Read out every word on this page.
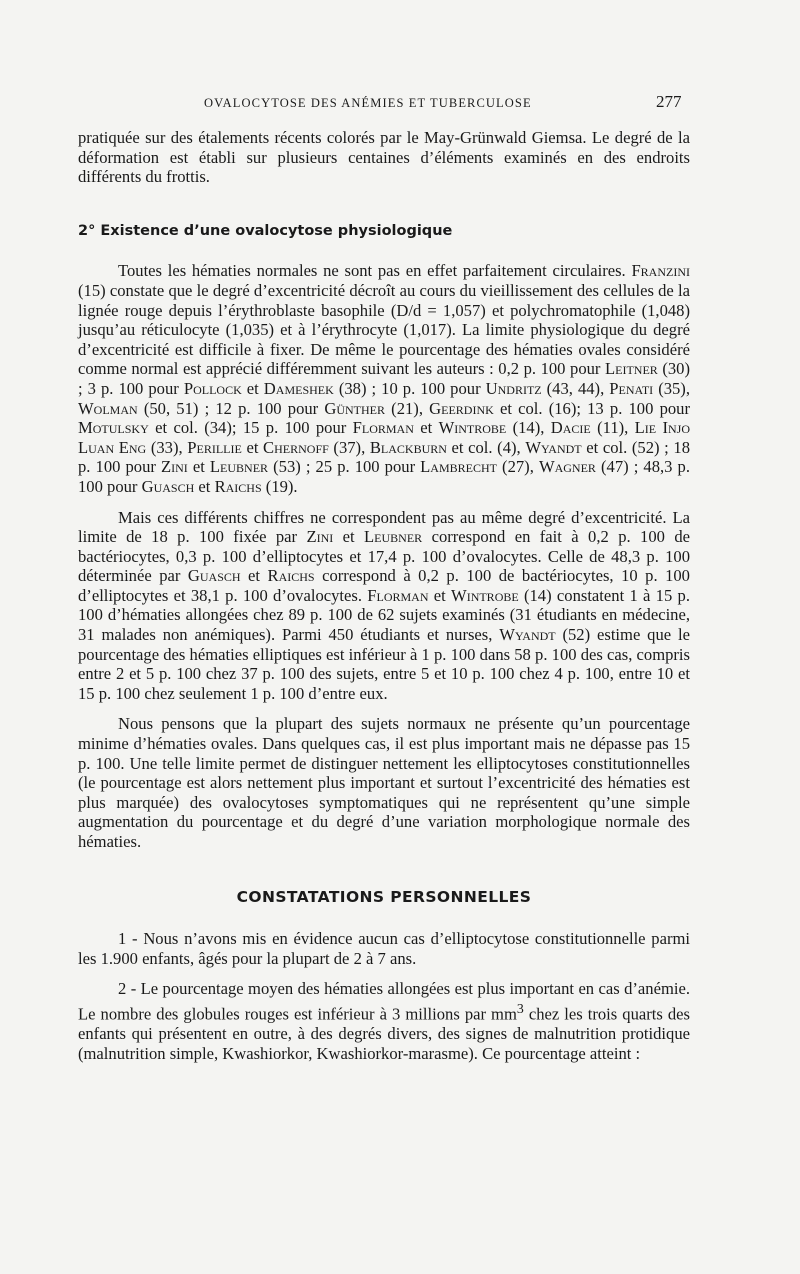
OVALOCYTOSE DES ANÉMIES ET TUBERCULOSE	277

pratiquée sur des étalements récents colorés par le May-Grünwald Giemsa. Le degré de la déformation est établi sur plusieurs centaines d’éléments examinés en des endroits différents du frottis.

2° Existence d’une ovalocytose physiologique

Toutes les hématies normales ne sont pas en effet parfaitement circulaires. Franzini (15) constate que le degré d’excentricité décroît au cours du vieillissement des cellules de la lignée rouge depuis l’érythroblaste basophile (D/d = 1,057) et polychromatophile (1,048) jusqu’au réticulocyte (1,035) et à l’érythrocyte (1,017). La limite physiologique du degré d’excentricité est difficile à fixer. De même le pourcentage des hématies ovales considéré comme normal est apprécié différemment suivant les auteurs : 0,2 p. 100 pour Leitner (30) ; 3 p. 100 pour Pollock et Dameshek (38) ; 10 p. 100 pour Undritz (43, 44), Penati (35), Wolman (50, 51) ; 12 p. 100 pour Günther (21), Geerdink et col. (16); 13 p. 100 pour Motulsky et col. (34); 15 p. 100 pour Florman et Wintrobe (14), Dacie (11), Lie Injo Luan Eng (33), Perillie et Chernoff (37), Blackburn et col. (4), Wyandt et col. (52) ; 18 p. 100 pour Zini et Leubner (53) ; 25 p. 100 pour Lambrecht (27), Wagner (47) ; 48,3 p. 100 pour Guasch et Raichs (19).

Mais ces différents chiffres ne correspondent pas au même degré d’excentricité. La limite de 18 p. 100 fixée par Zini et Leubner correspond en fait à 0,2 p. 100 de bactériocytes, 0,3 p. 100 d’elliptocytes et 17,4 p. 100 d’ovalocytes. Celle de 48,3 p. 100 déterminée par Guasch et Raichs correspond à 0,2 p. 100 de bactériocytes, 10 p. 100 d’elliptocytes et 38,1 p. 100 d’ovalocytes. Florman et Wintrobe (14) constatent 1 à 15 p. 100 d’hématies allongées chez 89 p. 100 de 62 sujets examinés (31 étudiants en médecine, 31 malades non anémiques). Parmi 450 étudiants et nurses, Wyandt (52) estime que le pourcentage des hématies elliptiques est inférieur à 1 p. 100 dans 58 p. 100 des cas, compris entre 2 et 5 p. 100 chez 37 p. 100 des sujets, entre 5 et 10 p. 100 chez 4 p. 100, entre 10 et 15 p. 100 chez seulement 1 p. 100 d’entre eux.

Nous pensons que la plupart des sujets normaux ne présente qu’un pourcentage minime d’hématies ovales. Dans quelques cas, il est plus important mais ne dépasse pas 15 p. 100. Une telle limite permet de distinguer nettement les elliptocytoses constitutionnelles (le pourcentage est alors nettement plus important et surtout l’excentricité des hématies est plus marquée) des ovalocytoses symptomatiques qui ne représentent qu’une simple augmentation du pourcentage et du degré d’une variation morphologique normale des hématies.

CONSTATATIONS PERSONNELLES

1 - Nous n’avons mis en évidence aucun cas d’elliptocytose constitutionnelle parmi les 1.900 enfants, âgés pour la plupart de 2 à 7 ans.

2 - Le pourcentage moyen des hématies allongées est plus important en cas d’anémie. Le nombre des globules rouges est inférieur à 3 millions par $mm^3$ chez les trois quarts des enfants qui présentent en outre, à des degrés divers, des signes de malnutrition protidique (malnutrition simple, Kwashiorkor, Kwashiorkor-marasme). Ce pourcentage atteint :
